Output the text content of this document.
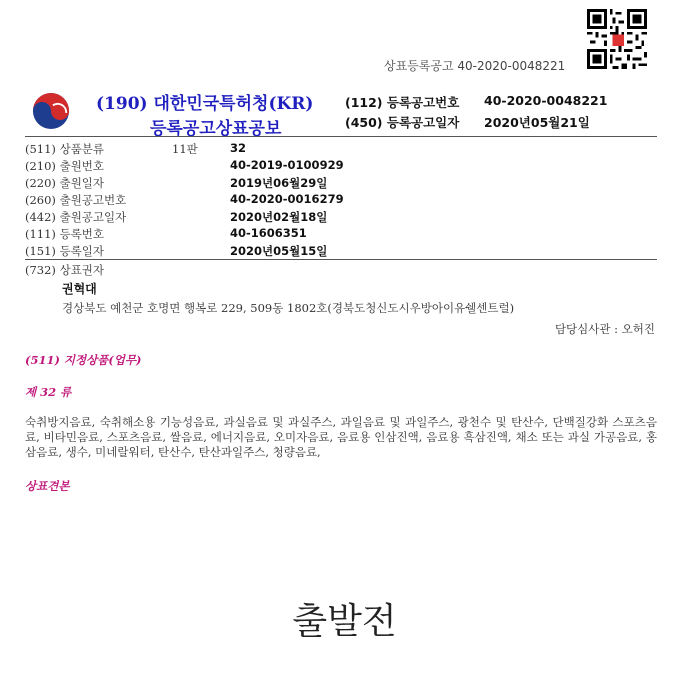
상표등록공고 40-2020-0048221
(190) 대한민국특허청(KR)
등록공고상표공보
(112) 등록공고번호 40-2020-0048221
(450) 등록공고일자 2020년05월21일
(511) 상품분류	11판	32
(210) 출원번호	40-2019-0100929
(220) 출원일자	2019년06월29일
(260) 출원공고번호	40-2020-0016279
(442) 출원공고일자	2020년02월18일
(111) 등록번호	40-1606351
(151) 등록일자	2020년05월15일
(732) 상표권자
권혁대
경상북도 예천군 호명면 행복로 229, 509동 1802호(경북도청신도시우방아이유쉘센트럴)
담당심사관 : 오허진
(511) 지정상품(업무)
제 32 류
숙취방지음료, 숙취해소용 기능성음료, 과실음료 및 과실주스, 과일음료 및 과일주스, 광천수 및 탄산수, 단백질강화 스포츠음료, 비타민음료, 스포츠음료, 쌀음료, 에너지음료, 오미자음료, 음료용 인삼진액, 음료용 흑삼진액, 채소 또는 과실 가공음료, 홍삼음료, 생수, 미네랄워터, 탄산수, 탄산과일주스, 청량음료,
상표견본
출발전
